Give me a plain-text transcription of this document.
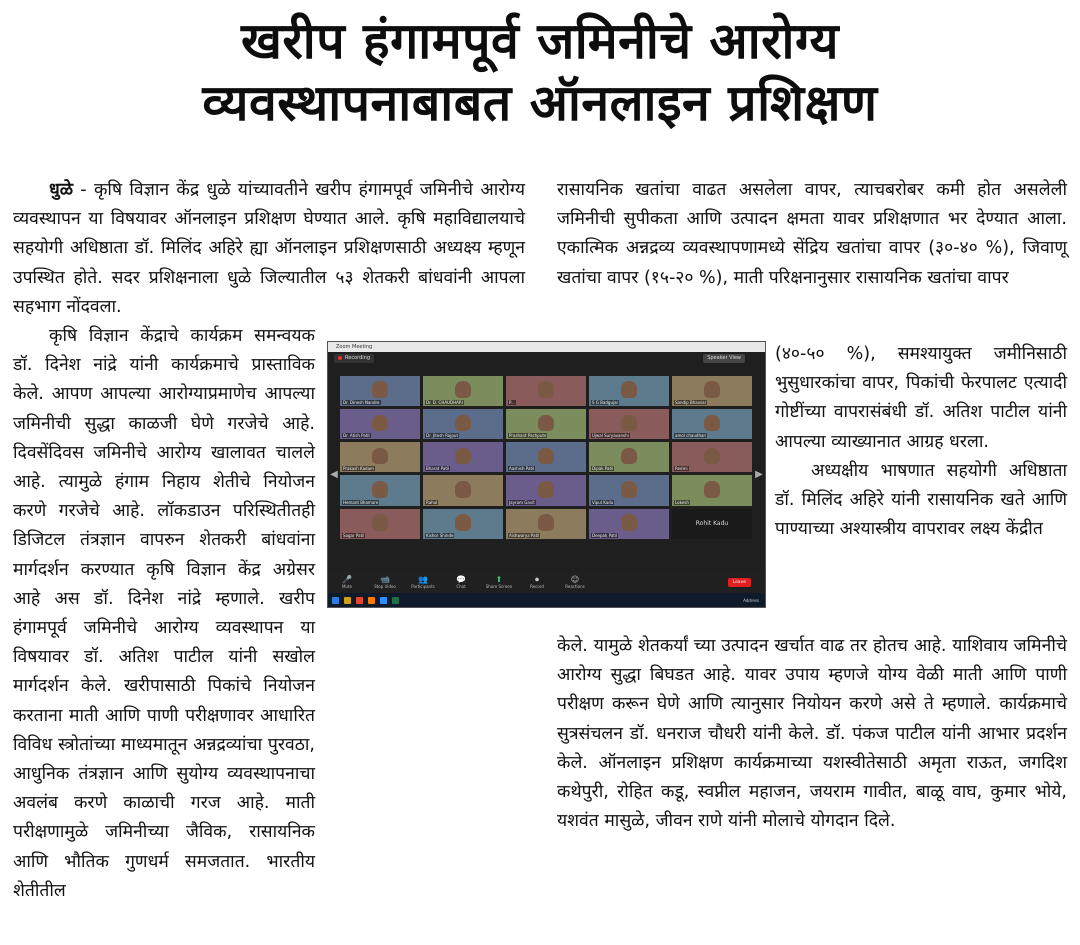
खरीप हंगामपूर्व जमिनीचे आरोग्य
व्यवस्थापनाबाबत ऑनलाइन प्रशिक्षण

धुळे - कृषि विज्ञान केंद्र धुळे यांच्यावतीने खरीप हंगामपूर्व जमिनीचे आरोग्य व्यवस्थापन या विषयावर ऑनलाइन प्रशिक्षण घेण्यात आले. कृषि महाविद्यालयाचे सहयोगी अधिष्ठाता डॉ. मिलिंद अहिरे ह्या ऑनलाइन प्रशिक्षणसाठी अध्यक्ष्य म्हणून उपस्थित होते. सदर प्रशिक्षनाला धुळे जिल्यातील ५३ शेतकरी बांधवांनी आपला सहभाग नोंदवला.

कृषि विज्ञान केंद्राचे कार्यक्रम समन्वयक डॉ. दिनेश नांद्रे यांनी कार्यक्रमाचे प्रास्ताविक केले. आपण आपल्या आरोग्याप्रमाणेच आपल्या जमिनीची सुद्धा काळजी घेणे गरजेचे आहे. दिवसेंदिवस जमिनीचे आरोग्य खालावत चालले आहे. त्यामुळे हंगाम निहाय शेतीचे नियोजन करणे गरजेचे आहे. लॉकडाउन परिस्थितीतही डिजिटल तंत्रज्ञान वापरुन शेतकरी बांधवांना मार्गदर्शन करण्यात कृषि विज्ञान केंद्र अग्रेसर आहे अस डॉ. दिनेश नांद्रे म्हणाले. खरीप हंगामपूर्व जमिनीचे आरोग्य व्यवस्थापन या विषयावर डॉ. अतिश पाटील यांनी सखोल मार्गदर्शन केले. खरीपासाठी पिकांचे नियोजन करताना माती आणि पाणी परीक्षणावर आधारित विविध स्त्रोतांच्या माध्यमातून अन्नद्रव्यांचा पुरवठा, आधुनिक तंत्रज्ञान आणि सुयोग्य व्यवस्थापनाचा अवलंब करणे काळाची गरज आहे. माती परीक्षणामुळे जमिनीच्या जैविक, रासायनिक आणि भौतिक गुणधर्म समजतात. भारतीय शेतीतील

रासायनिक खतांचा वाढत असलेला वापर, त्याचबरोबर कमी होत असलेली जमिनीची सुपीकता आणि उत्पादन क्षमता यावर प्रशिक्षणात भर देण्यात आला. एकात्मिक अन्नद्रव्य व्यवस्थापणामध्ये सेंद्रिय खतांचा वापर (३०-४० %), जिवाणू खतांचा वापर (१५-२० %), माती परिक्षनानुसार रासायनिक खतांचा वापर

(४०-५० %), समश्यायुक्त जमीनिसाठी भुसुधारकांचा वापर, पिकांची फेरपालट एत्यादी गोष्टींच्या वापरासंबंधी डॉ. अतिश पाटील यांनी आपल्या व्याख्यानात आग्रह धरला.

अध्यक्षीय भाषणात सहयोगी अधिष्ठाता डॉ. मिलिंद अहिरे यांनी रासायनिक खते आणि पाण्याच्या अश्यास्त्रीय वापरावर लक्ष्य केंद्रीत

केले. यामुळे शेतकर्यां च्या उत्पादन खर्चात वाढ तर होतच आहे. याशिवाय जमिनीचे आरोग्य सुद्धा बिघडत आहे. यावर उपाय म्हणजे योग्य वेळी माती आणि पाणी परीक्षण करून घेणे आणि त्यानुसार नियोयन करणे असे ते म्हणाले. कार्यक्रमाचे सुत्रसंचलन डॉ. धनराज चौधरी यांनी केले. डॉ. पंकज पाटील यांनी आभार प्रदर्शन केले. ऑनलाइन प्रशिक्षण कार्यक्रमाच्या यशस्वीतेसाठी अमृता राऊत, जगदिश कथेपुरी, रोहित कडू, स्वप्नील महाजन, जयराम गावीत, बाळू वाघ, कुमार भोये, यशवंत मासुळे, जीवन राणे यांनी मोलाचे योगदान दिले.

Zoom Meeting
Recording	Speaker View
◀	▶
Dr. Dinesh Nandre	Dr. D. CHAUDHARI	P...	S G Badgujar	Sandip Bhavsar
Dr. Atish Patil	Dr. Jitesh Rajput	Prashant Pachpute	Ujwal Suryavanshi	amol chaudhari
Prakash Kadam	Bharat Patil	Aashish Patil	Dipak Patil	Redmi
Hemant Bhamare	Rahul	Jayram Gavit	Vipul Kadu	Lokesh
Sagar Patil	Kishor Shinde	Aishwarya Patil	Deepak Patil
Rohit Kadu
🎤
Mute
📹
Stop Video
👥
Participants
💬
Chat
⬆
Share Screen
⏺
Record
☺
Reactions
Leave
Address
